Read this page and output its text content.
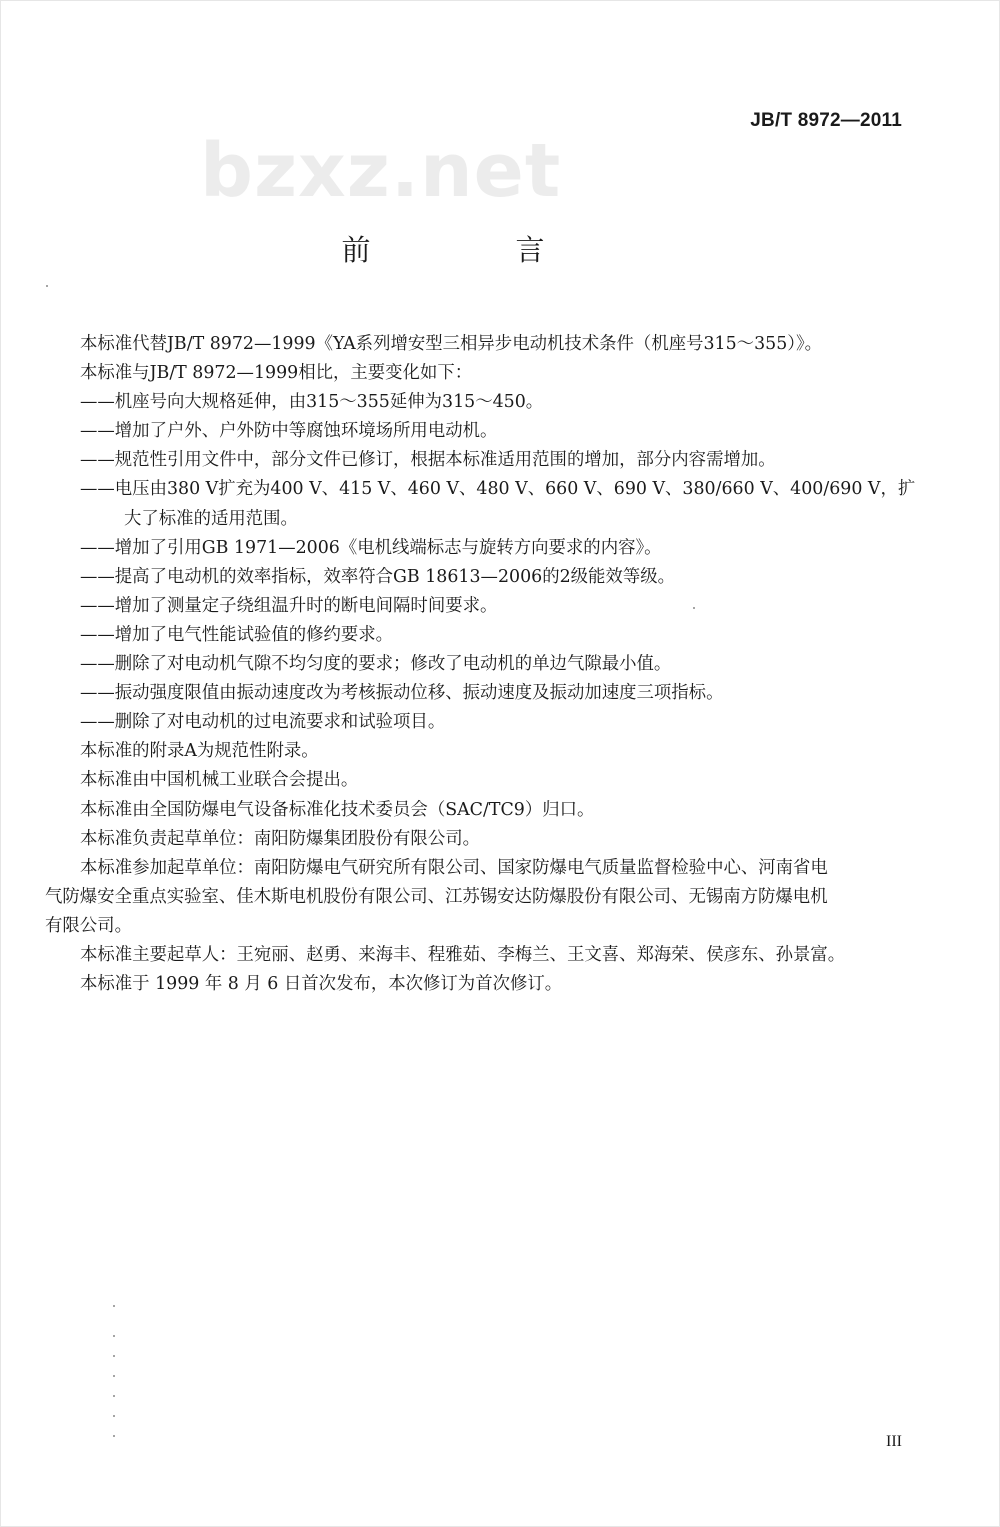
JB/T 8972—2011
bzxz.net
前　言

本标准代替JB/T 8972—1999《YA系列增安型三相异步电动机技术条件（机座号315～355）》。

本标准与JB/T 8972—1999相比，主要变化如下：

——机座号向大规格延伸，由315～355延伸为315～450。

——增加了户外、户外防中等腐蚀环境场所用电动机。

——规范性引用文件中，部分文件已修订，根据本标准适用范围的增加，部分内容需增加。

——电压由380 V扩充为400 V、415 V、460 V、480 V、660 V、690 V、380/660 V、400/690 V，扩

大了标准的适用范围。

——增加了引用GB 1971—2006《电机线端标志与旋转方向要求的内容》。

——提高了电动机的效率指标，效率符合GB 18613—2006的2级能效等级。

——增加了测量定子绕组温升时的断电间隔时间要求。

——增加了电气性能试验值的修约要求。

——删除了对电动机气隙不均匀度的要求；修改了电动机的单边气隙最小值。

——振动强度限值由振动速度改为考核振动位移、振动速度及振动加速度三项指标。

——删除了对电动机的过电流要求和试验项目。

本标准的附录A为规范性附录。

本标准由中国机械工业联合会提出。

本标准由全国防爆电气设备标准化技术委员会（SAC/TC9）归口。

本标准负责起草单位：南阳防爆集团股份有限公司。

本标准参加起草单位：南阳防爆电气研究所有限公司、国家防爆电气质量监督检验中心、河南省电

气防爆安全重点实验室、佳木斯电机股份有限公司、江苏锡安达防爆股份有限公司、无锡南方防爆电机

有限公司。

本标准主要起草人：王宛丽、赵勇、来海丰、程雅茹、李梅兰、王文喜、郑海荣、侯彦东、孙景富。

本标准于 1999 年 8 月 6 日首次发布，本次修订为首次修订。

III
